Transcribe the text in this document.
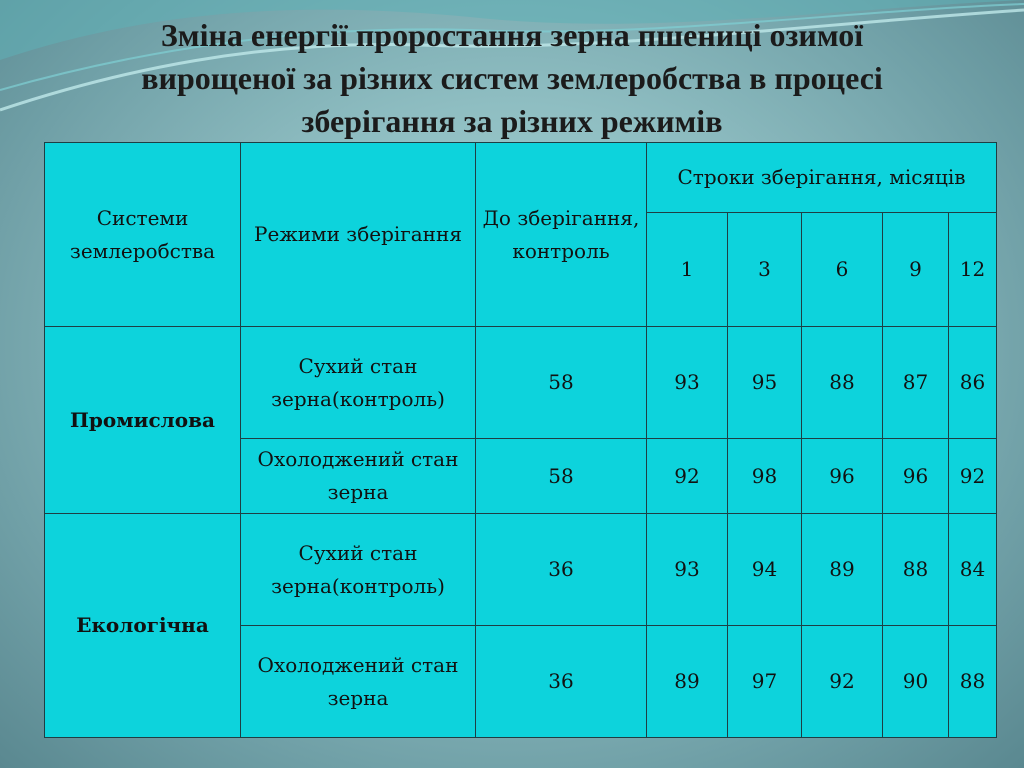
Зміна енергії проростання зерна пшениці озимої
вирощеної за різних систем землеробства в процесі
зберігання за різних режимів
Системи землеробства	Режими зберігання	До зберігання, контроль	Строки зберігання, місяців				
			1	3	6	9	12
Промислова	Сухий стан зерна(контроль)	58	93	95	88	87	86
	Охолоджений стан зерна	58	92	98	96	96	92
Екологічна	Сухий стан зерна(контроль)	36	93	94	89	88	84
	Охолоджений стан зерна	36	89	97	92	90	88
